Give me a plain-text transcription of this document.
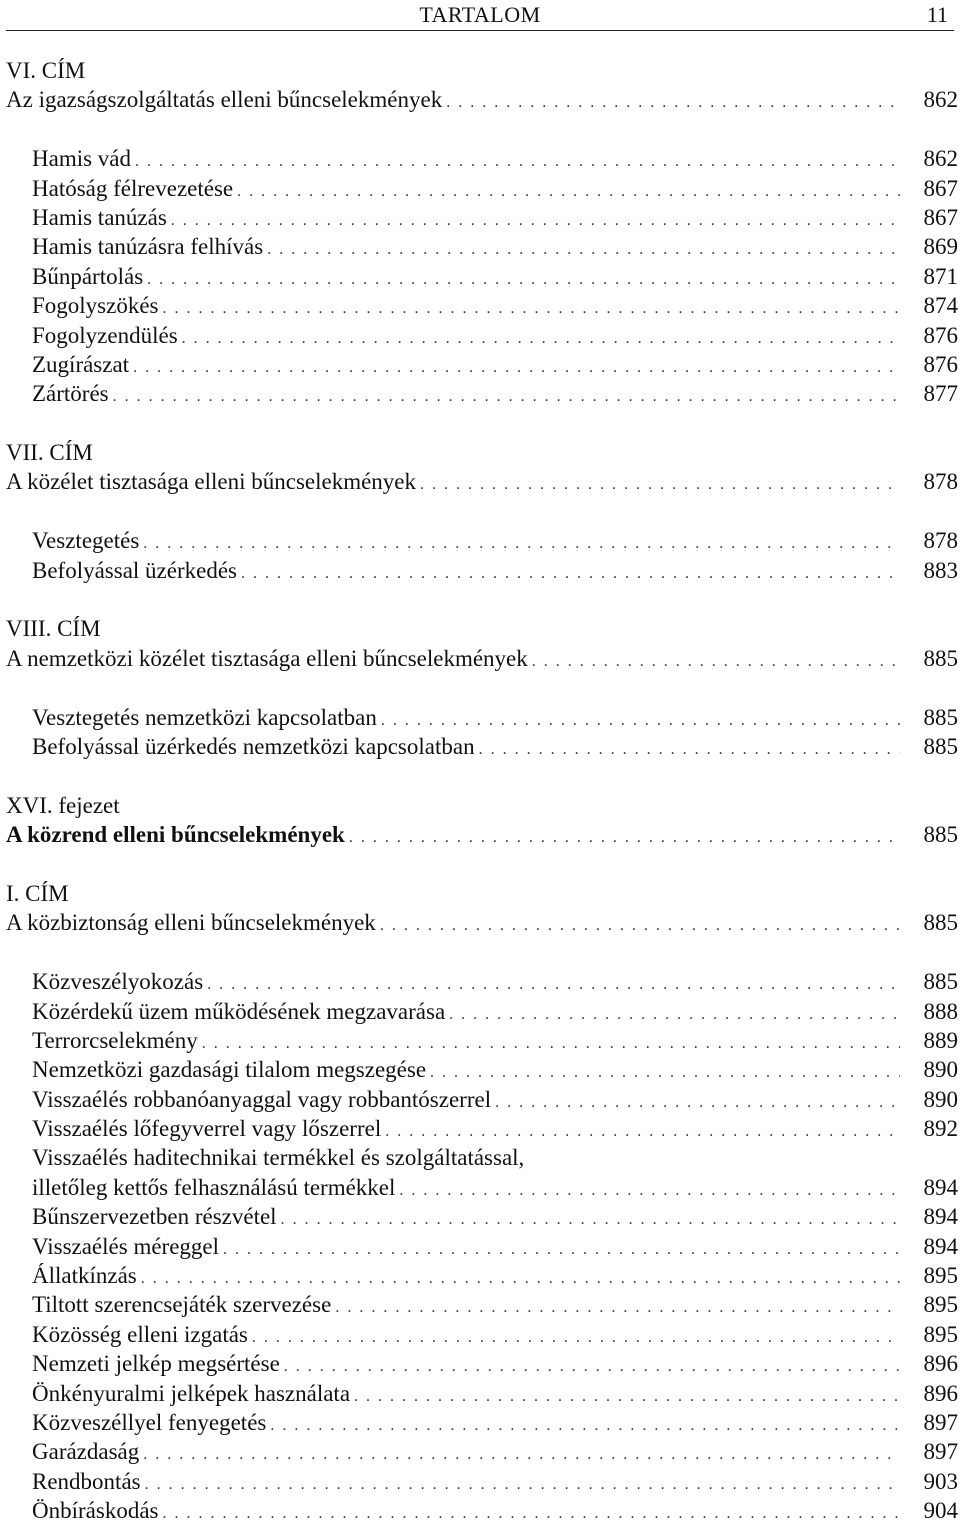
TARTALOM	11
VI. CÍM
Az igazságszolgáltatás elleni bűncselekmények . . .	862
Hamis vád . . .	862
Hatóság félrevezetése . . .	867
Hamis tanúzás . . .	867
Hamis tanúzásra felhívás . . .	869
Bűnpártolás . . .	871
Fogolyszökés . . .	874
Fogolyzendülés . . .	876
Zugírászat . . .	876
Zártörés . . .	877
VII. CÍM
A közélet tisztasága elleni bűncselekmények . . .	878
Vesztegetés . . .	878
Befolyással üzérkedés . . .	883
VIII. CÍM
A nemzetközi közélet tisztasága elleni bűncselekmények . . .	885
Vesztegetés nemzetközi kapcsolatban . . .	885
Befolyással üzérkedés nemzetközi kapcsolatban . . .	885
XVI. fejezet
A közrend elleni bűncselekmények . . .	885
I. CÍM
A közbiztonság elleni bűncselekmények . . .	885
Közveszélyokozás . . .	885
Közérdekű üzem működésének megzavarása . . .	888
Terrorcselekmény . . .	889
Nemzetközi gazdasági tilalom megszegése . . .	890
Visszaélés robbanóanyaggal vagy robbantószerrel . . .	890
Visszaélés lőfegyverrel vagy lőszerrel . . .	892
Visszaélés haditechnikai termékkel és szolgáltatással,
illetőleg kettős felhasználású termékkel . . .	894
Bűnszervezetben részvétel . . .	894
Visszaélés méreggel . . .	894
Állatkínzás . . .	895
Tiltott szerencsejáték szervezése . . .	895
Közösség elleni izgatás . . .	895
Nemzeti jelkép megsértése . . .	896
Önkényuralmi jelképek használata . . .	896
Közveszéllyel fenyegetés . . .	897
Garázdaság . . .	897
Rendbontás . . .	903
Önbíráskodás . . .	904
